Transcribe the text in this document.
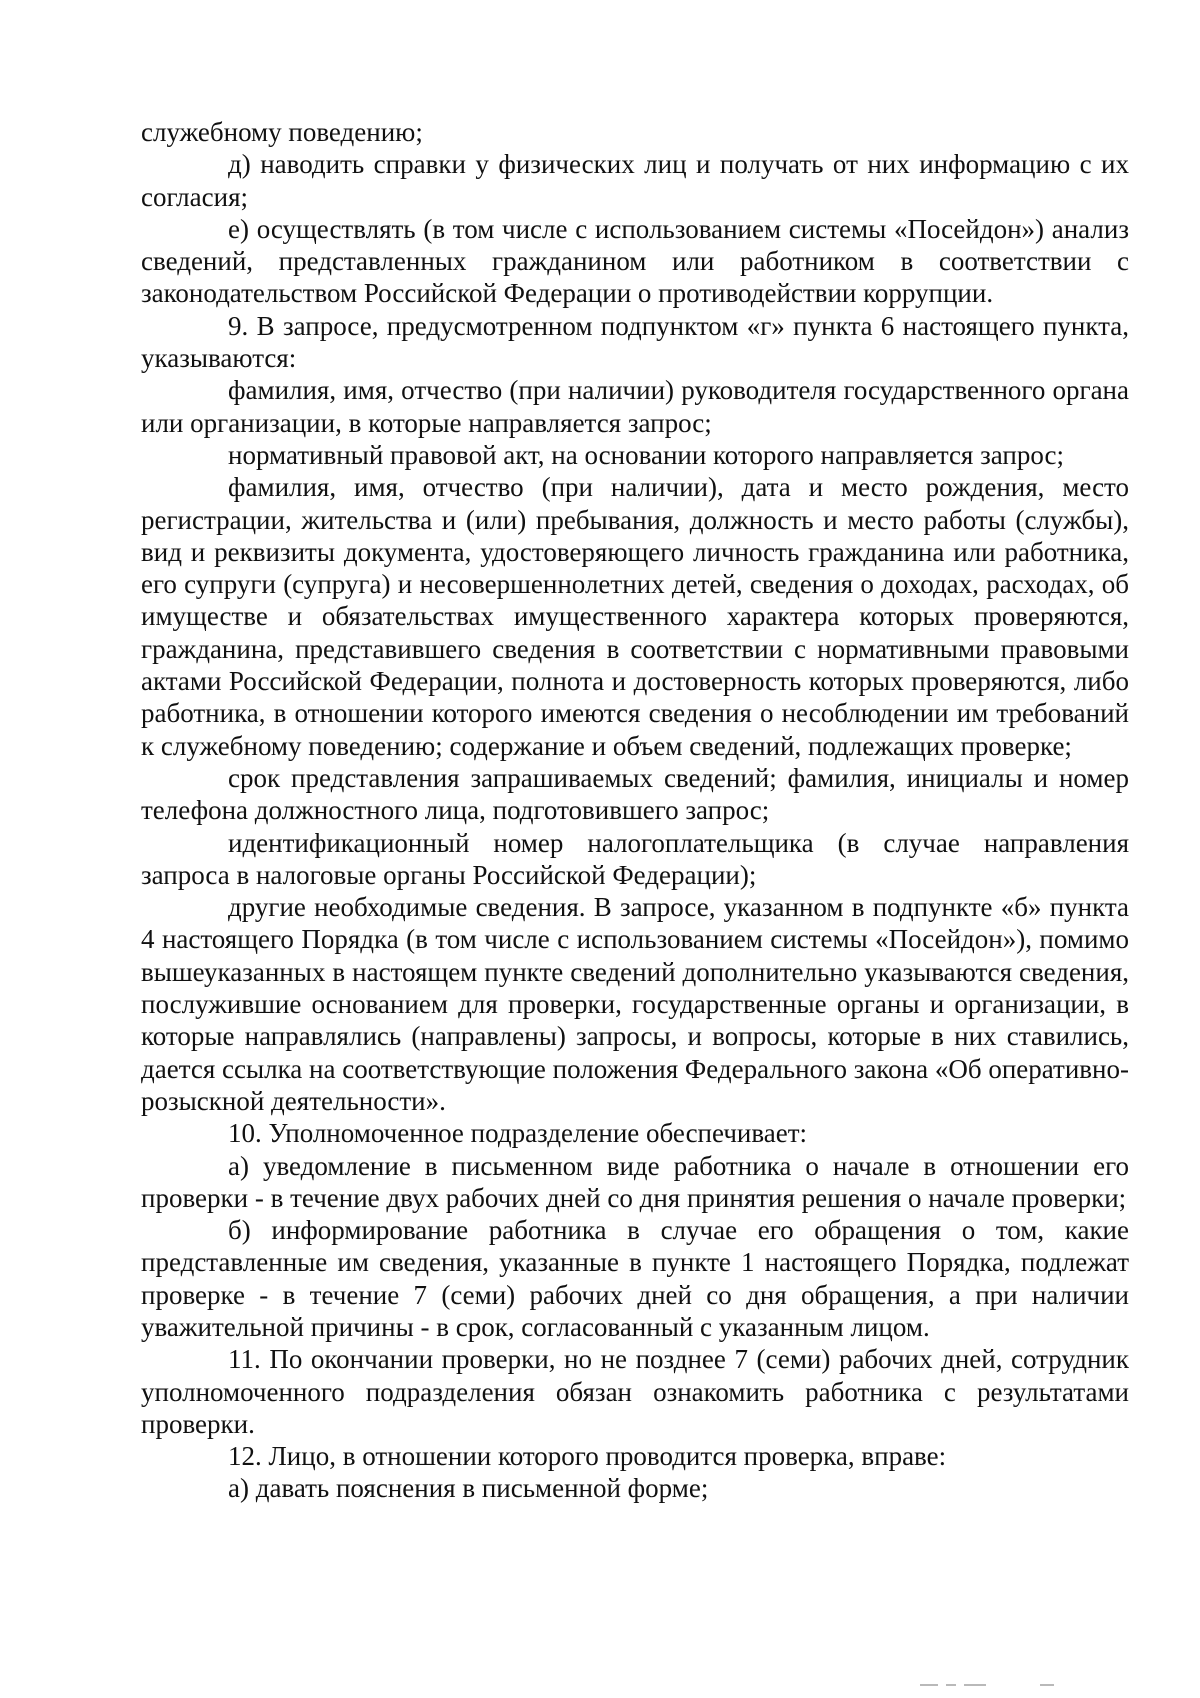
служебному поведению;

д) наводить справки у физических лиц и получать от них информацию с их согласия;

е) осуществлять (в том числе с использованием системы «Посейдон») анализ сведений, представленных гражданином или работником в соответствии с законодательством Российской Федерации о противодействии коррупции.

9. В запросе, предусмотренном подпунктом «г» пункта 6 настоящего пункта, указываются:

фамилия, имя, отчество (при наличии) руководителя государственного органа или организации, в которые направляется запрос;

нормативный правовой акт, на основании которого направляется запрос;

фамилия, имя, отчество (при наличии), дата и место рождения, место регистрации, жительства и (или) пребывания, должность и место работы (службы), вид и реквизиты документа, удостоверяющего личность гражданина или работника, его супруги (супруга) и несовершеннолетних детей, сведения о доходах, расходах, об имуществе и обязательствах имущественного характера которых проверяются, гражданина, представившего сведения в соответствии с нормативными правовыми актами Российской Федерации, полнота и достоверность которых проверяются, либо работника, в отношении которого имеются сведения о несоблюдении им требований к служебному поведению; содержание и объем сведений, подлежащих проверке;

срок представления запрашиваемых сведений; фамилия, инициалы и номер телефона должностного лица, подготовившего запрос;

идентификационный номер налогоплательщика (в случае направления запроса в налоговые органы Российской Федерации);

другие необходимые сведения. В запросе, указанном в подпункте «б» пункта 4 настоящего Порядка (в том числе с использованием системы «Посейдон»), помимо вышеуказанных в настоящем пункте сведений дополнительно указываются сведения, послужившие основанием для проверки, государственные органы и организации, в которые направлялись (направлены) запросы, и вопросы, которые в них ставились, дается ссылка на соответствующие положения Федерального закона «Об оперативно-розыскной деятельности».

10. Уполномоченное подразделение обеспечивает:

а) уведомление в письменном виде работника о начале в отношении его проверки - в течение двух рабочих дней со дня принятия решения о начале проверки;

б) информирование работника в случае его обращения о том, какие представленные им сведения, указанные в пункте 1 настоящего Порядка, подлежат проверке - в течение 7 (семи) рабочих дней со дня обращения, а при наличии уважительной причины - в срок, согласованный с указанным лицом.

11. По окончании проверки, но не позднее 7 (семи) рабочих дней, сотрудник уполномоченного подразделения обязан ознакомить работника с результатами проверки.

12. Лицо, в отношении которого проводится проверка, вправе:

а) давать пояснения в письменной форме;
